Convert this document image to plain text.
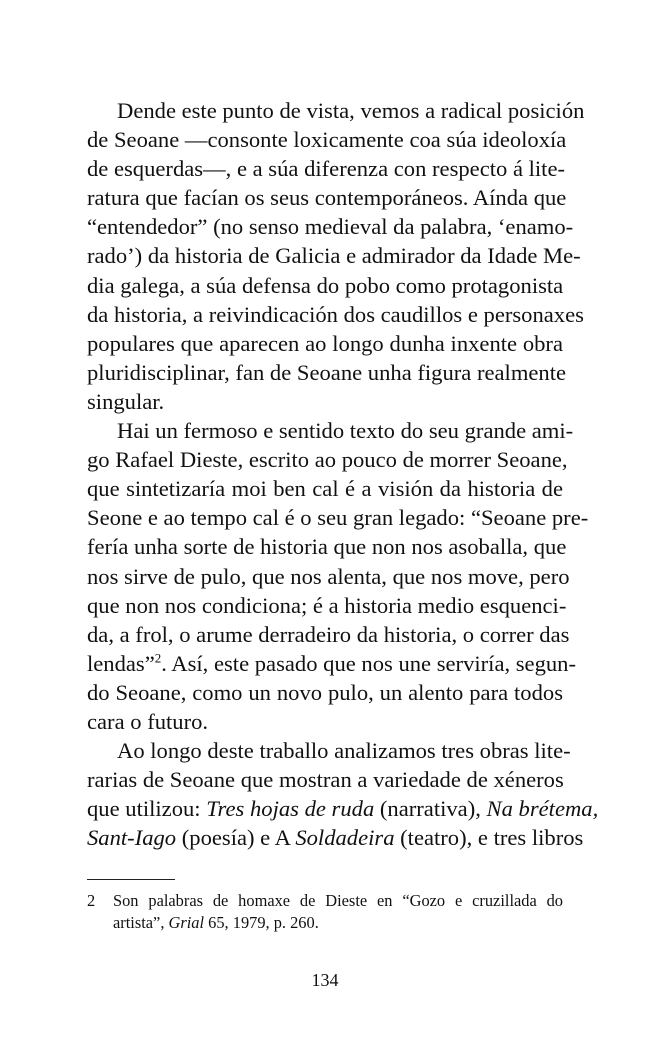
Dende este punto de vista, vemos a radical posición
de Seoane —consonte loxicamente coa súa ideoloxía
de esquerdas—, e a súa diferenza con respecto á lite-
ratura que facían os seus contemporáneos. Aínda que
“entendedor” (no senso medieval da palabra, ‘enamo-
rado’) da historia de Galicia e admirador da Idade Me-
dia galega, a súa defensa do pobo como protagonista
da historia, a reivindicación dos caudillos e personaxes
populares que aparecen ao longo dunha inxente obra
pluridisciplinar, fan de Seoane unha figura realmente
singular.
Hai un fermoso e sentido texto do seu grande ami-
go Rafael Dieste, escrito ao pouco de morrer Seoane,
que sintetizaría moi ben cal é a visión da historia de
Seone e ao tempo cal é o seu gran legado: “Seoane pre-
fería unha sorte de historia que non nos asoballa, que
nos sirve de pulo, que nos alenta, que nos move, pero
que non nos condiciona; é a historia medio esquenci-
da, a frol, o arume derradeiro da historia, o correr das
lendas”$^2$. Así, este pasado que nos une serviría, segun-
do Seoane, como un novo pulo, un alento para todos
cara o futuro.
Ao longo deste traballo analizamos tres obras lite-
rarias de Seoane que mostran a variedade de xéneros
que utilizou: Tres hojas de ruda (narrativa), Na brétema,
Sant-Iago (poesía) e A Soldadeira (teatro), e tres libros
2	Son palabras de homaxe de Dieste en “Gozo e cruzillada do
artista”, Grial 65, 1979, p. 260.
134
